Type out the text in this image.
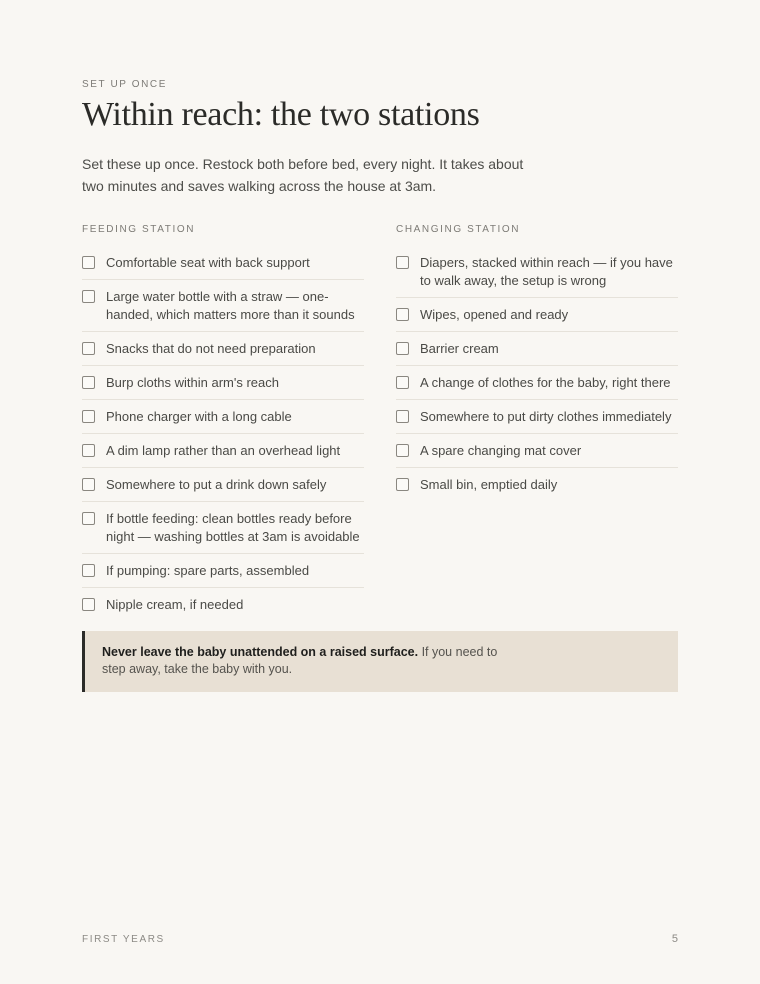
SET UP ONCE
Within reach: the two stations

Set these up once. Restock both before bed, every night. It takes about two minutes and saves walking across the house at 3am.

FEEDING STATION
Comfortable seat with back support
Large water bottle with a straw — one-handed, which matters more than it sounds
Snacks that do not need preparation
Burp cloths within arm's reach
Phone charger with a long cable
A dim lamp rather than an overhead light
Somewhere to put a drink down safely
If bottle feeding: clean bottles ready before night — washing bottles at 3am is avoidable
If pumping: spare parts, assembled
Nipple cream, if needed
CHANGING STATION
Diapers, stacked within reach — if you have to walk away, the setup is wrong
Wipes, opened and ready
Barrier cream
A change of clothes for the baby, right there
Somewhere to put dirty clothes immediately
A spare changing mat cover
Small bin, emptied daily
Never leave the baby unattended on a raised surface. If you need to step away, take the baby with you.
FIRST YEARS	5
